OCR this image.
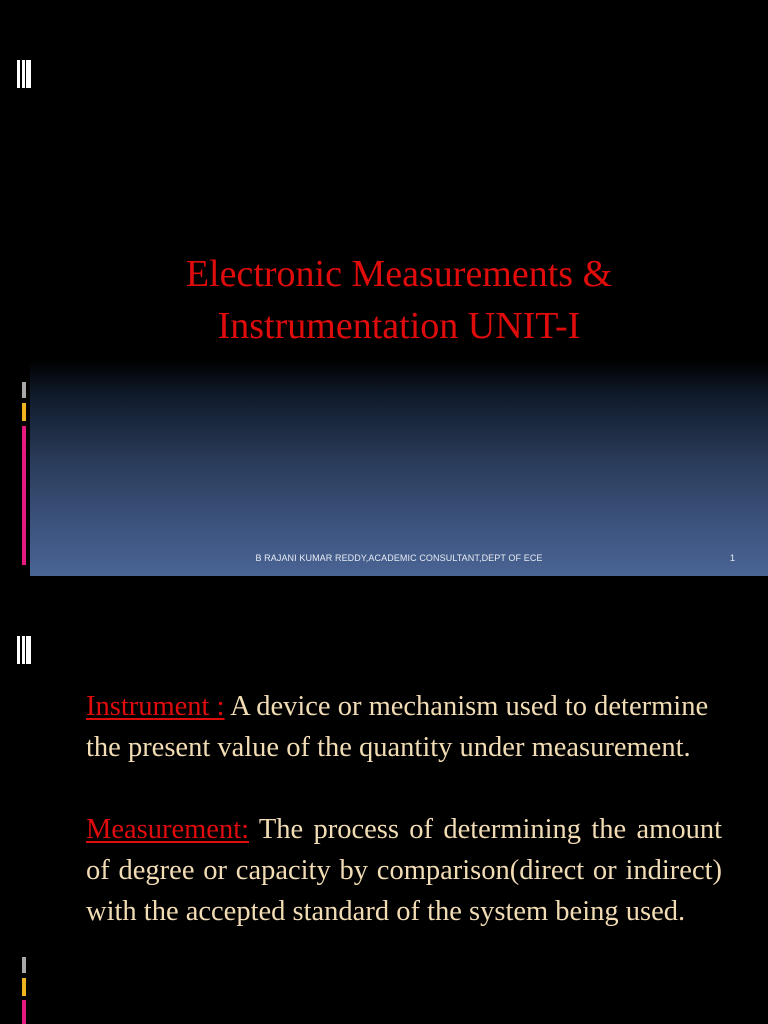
Electronic Measurements &
Instrumentation UNIT-I
B RAJANI KUMAR REDDY,ACADEMIC CONSULTANT,DEPT OF ECE	1

Instrument : A device or mechanism used to determine the present value of the quantity under measurement.

Measurement: The process of determining the amount of degree or capacity by comparison(direct or indirect) with the accepted standard of the system being used.
